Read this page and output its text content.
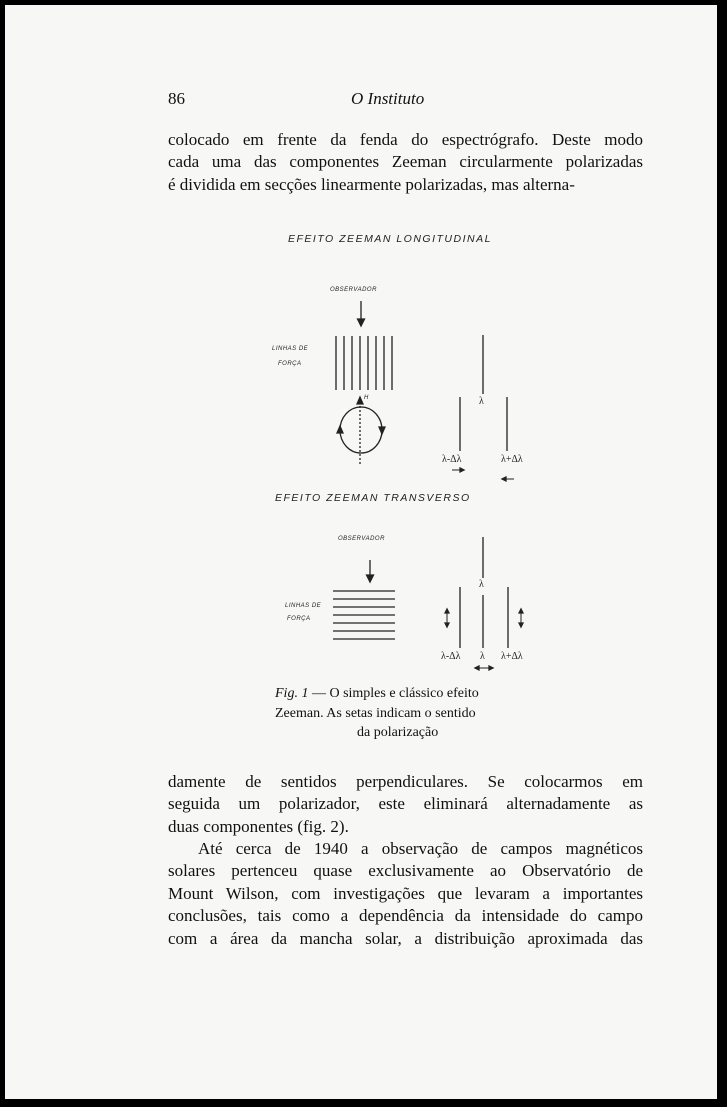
86	O Instituto

colocado em frente da fenda do espectrógrafo. Deste modo
cada uma das componentes Zeeman circularmente polarizadas
é dividida em secções linearmente polarizadas, mas alterna-

EFEITO ZEEMAN LONGITUDINAL
OBSERVADOR
LINHAS DE
FORÇA
H	λ
λ-Δλ	λ+Δλ
EFEITO ZEEMAN TRANSVERSO
OBSERVADOR
LINHAS DE
FORÇA
λ
λ-Δλ λ λ+Δλ
Fig. 1 — O simples e clássico efeito
Zeeman. As setas indicam o sentido
da polarização

damente de sentidos perpendiculares. Se colocarmos em
seguida um polarizador, este eliminará alternadamente as
duas componentes (fig. 2).

Até cerca de 1940 a observação de campos magnéticos
solares pertenceu quase exclusivamente ao Observatório de
Mount Wilson, com investigações que levaram a importantes
conclusões, tais como a dependência da intensidade do campo
com a área da mancha solar, a distribuição aproximada das
